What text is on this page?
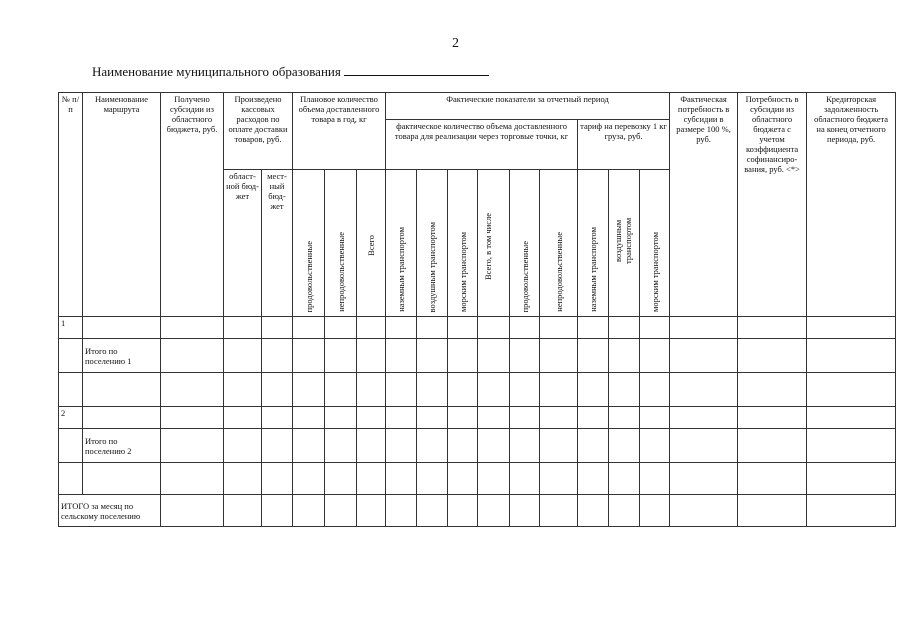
2
Наименование муниципального образования
№ п/п	Наименование маршрута	Получено субсидии из областного бюджета, руб.	Произведено кассовых расходов по оплате доставки товаров, руб.		Плановое количество объема доставленного товара в год, кг			Фактические показатели за отчетный период									Фактическая потребность в субсидии в размере 100 %, руб.	Потребность в субсидии из областного бюджета с учетом коэффициента софинансиро-вания, руб. <*>	Кредиторская задолженность областного бюджета на конец отчетного периода, руб.
								фактическое количество объема доставленного товара для реализации через торговые точки, кг						тариф на перевозку 1 кг груза, руб.					
			област-ной бюд-жет	мест-ный бюд-жет	продовольственные	непродовольственные	Всего	наземным транспортом	воздушным транспортом	морским транспортом	Всего, в том числе	продовольственные	непродовольственные	наземным транспортом	воздушным транспортом	морским транспортом			

1																			
	Итого по поселению 1																		

2																			
	Итого по поселению 2																		

ИТОГО за месяц по сельскому поселению																			
